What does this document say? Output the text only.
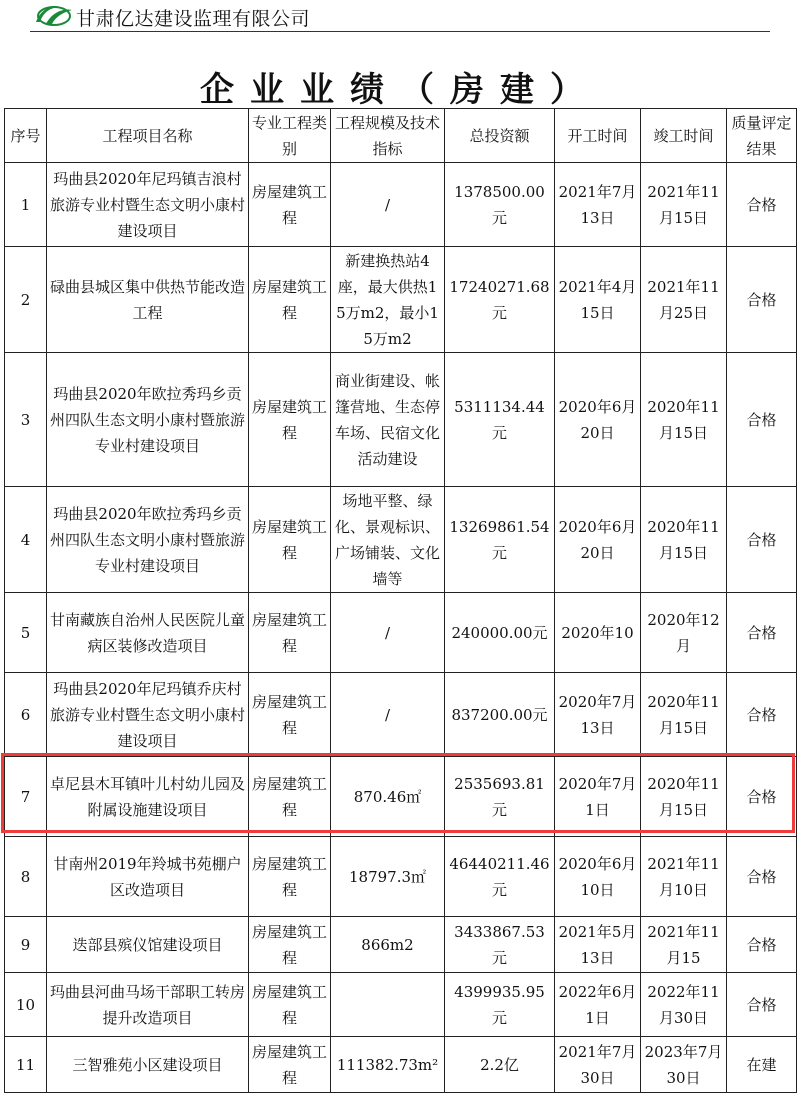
甘肃亿达建设监理有限公司
企业业绩（房建）
序号	工程项目名称	专业工程类别	工程规模及技术指标	总投资额	开工时间	竣工时间	质量评定结果
1	玛曲县2020年尼玛镇吉浪村旅游专业村暨生态文明小康村建设项目	房屋建筑工程	/	1378500.00元	2021年7月13日	2021年11月15日	合格
2	碌曲县城区集中供热节能改造工程	房屋建筑工程	新建换热站4座，最大供热15万m2，最小15万m2	17240271.68元	2021年4月15日	2021年11月25日	合格
3	玛曲县2020年欧拉秀玛乡贡州四队生态文明小康村暨旅游专业村建设项目	房屋建筑工程	商业街建设、帐篷营地、生态停车场、民宿文化活动建设	5311134.44元	2020年6月20日	2020年11月15日	合格
4	玛曲县2020年欧拉秀玛乡贡州四队生态文明小康村暨旅游专业村建设项目	房屋建筑工程	场地平整、绿化、景观标识、广场铺装、文化墙等	13269861.54元	2020年6月20日	2020年11月15日	合格
5	甘南藏族自治州人民医院儿童病区装修改造项目	房屋建筑工程	/	240000.00元	2020年10	2020年12月	合格
6	玛曲县2020年尼玛镇乔庆村旅游专业村暨生态文明小康村建设项目	房屋建筑工程	/	837200.00元	2020年7月13日	2020年11月15日	合格
7	卓尼县木耳镇叶儿村幼儿园及附属设施建设项目	房屋建筑工程	870.46㎡	2535693.81元	2020年7月1日	2020年11月15日	合格
8	甘南州2019年羚城书苑棚户区改造项目	房屋建筑工程	18797.3㎡	46440211.46元	2020年6月10日	2021年11月10日	合格
9	迭部县殡仪馆建设项目	房屋建筑工程	866m2	3433867.53元	2021年5月13日	2021年11月15	合格
10	玛曲县河曲马场干部职工转房提升改造项目	房屋建筑工程		4399935.95元	2022年6月1日	2022年11月30日	合格
11	三智雅苑小区建设项目	房屋建筑工程	111382.73m²	2.2亿	2021年7月30日	2023年7月30日	在建
